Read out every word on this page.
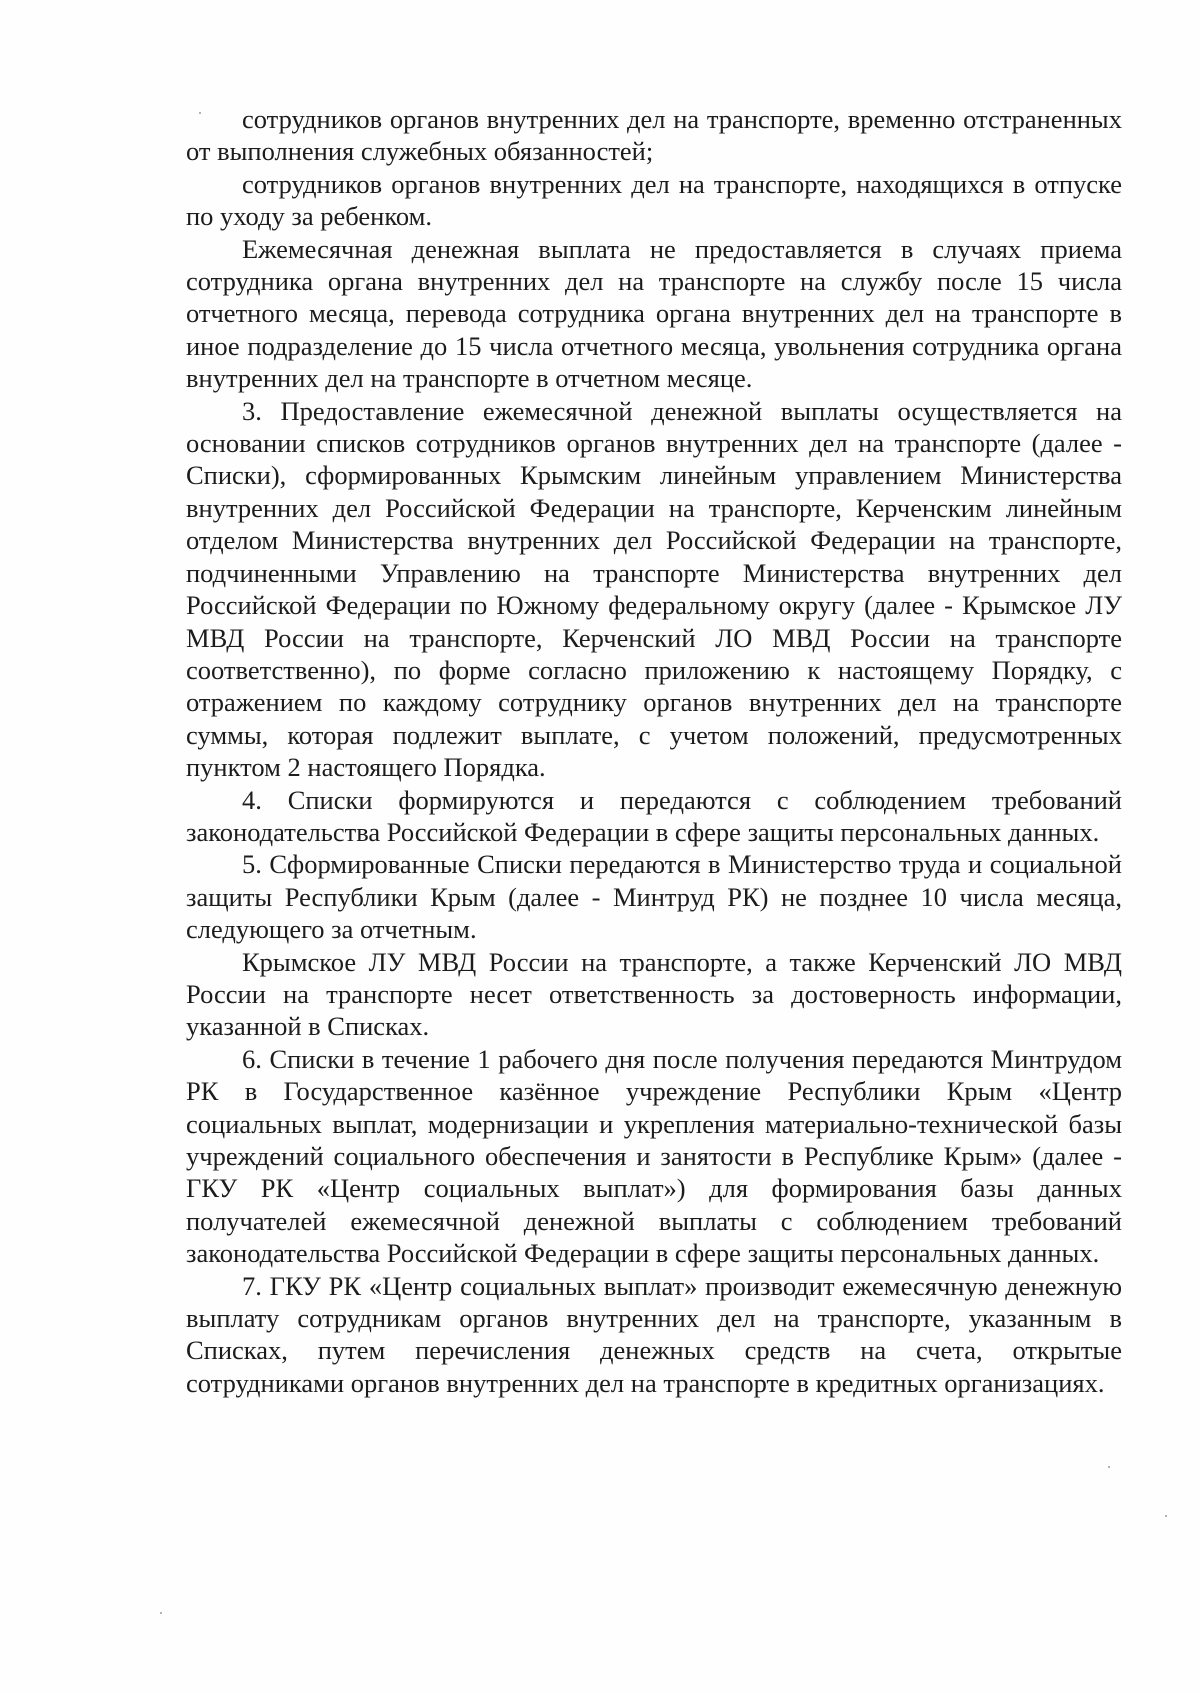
сотрудников органов внутренних дел на транспорте, временно отстраненных от выполнения служебных обязанностей;

сотрудников органов внутренних дел на транспорте, находящихся в отпуске по уходу за ребенком.

Ежемесячная денежная выплата не предоставляется в случаях приема сотрудника органа внутренних дел на транспорте на службу после 15 числа отчетного месяца, перевода сотрудника органа внутренних дел на транспорте в иное подразделение до 15 числа отчетного месяца, увольнения сотрудника органа внутренних дел на транспорте в отчетном месяце.

3. Предоставление ежемесячной денежной выплаты осуществляется на основании списков сотрудников органов внутренних дел на транспорте (далее - Списки), сформированных Крымским линейным управлением Министерства внутренних дел Российской Федерации на транспорте, Керченским линейным отделом Министерства внутренних дел Российской Федерации на транспорте, подчиненными Управлению на транспорте Министерства внутренних дел Российской Федерации по Южному федеральному округу (далее - Крымское ЛУ МВД России на транспорте, Керченский ЛО МВД России на транспорте соответственно), по форме согласно приложению к настоящему Порядку, с отражением по каждому сотруднику органов внутренних дел на транспорте суммы, которая подлежит выплате, с учетом положений, предусмотренных пунктом 2 настоящего Порядка.

4. Списки формируются и передаются с соблюдением требований законодательства Российской Федерации в сфере защиты персональных данных.

5. Сформированные Списки передаются в Министерство труда и социальной защиты Республики Крым (далее - Минтруд РК) не позднее 10 числа месяца, следующего за отчетным.

Крымское ЛУ МВД России на транспорте, а также Керченский ЛО МВД России на транспорте несет ответственность за достоверность информации, указанной в Списках.

6. Списки в течение 1 рабочего дня после получения передаются Минтрудом РК в Государственное казённое учреждение Республики Крым «Центр социальных выплат, модернизации и укрепления материально-технической базы учреждений социального обеспечения и занятости в Республике Крым» (далее - ГКУ РК «Центр социальных выплат») для формирования базы данных получателей ежемесячной денежной выплаты с соблюдением требований законодательства Российской Федерации в сфере защиты персональных данных.

7. ГКУ РК «Центр социальных выплат» производит ежемесячную денежную выплату сотрудникам органов внутренних дел на транспорте, указанным в Списках, путем перечисления денежных средств на счета, открытые сотрудниками органов внутренних дел на транспорте в кредитных организациях.
